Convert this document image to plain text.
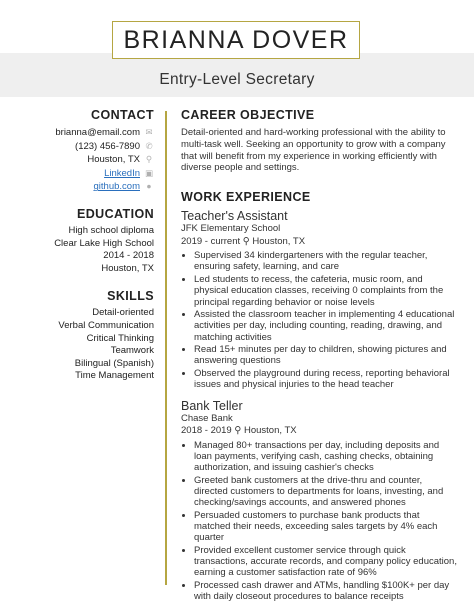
BRIANNA DOVER
Entry-Level Secretary
CONTACT
brianna@email.com ✉
(123) 456-7890 ✆
Houston, TX ⚲
LinkedIn ▣
github.com ●
EDUCATION
High school diploma
Clear Lake High School
2014 - 2018
Houston, TX
SKILLS
Detail-oriented
Verbal Communication
Critical Thinking
Teamwork
Bilingual (Spanish)
Time Management
CAREER OBJECTIVE

Detail-oriented and hard-working professional with the ability to multi-task well. Seeking an opportunity to grow with a company that will benefit from my experience in working efficiently with diverse people and settings.

WORK EXPERIENCE
Teacher's Assistant
JFK Elementary School
2019 - current ⚲ Houston, TX
• Supervised 34 kindergarteners with the regular teacher, ensuring safety, learning, and care
• Led students to recess, the cafeteria, music room, and physical education classes, receiving 0 complaints from the principal regarding behavior or noise levels
• Assisted the classroom teacher in implementing 4 educational activities per day, including counting, reading, drawing, and matching activities
• Read 15+ minutes per day to children, showing pictures and answering questions
• Observed the playground during recess, reporting behavioral issues and physical injuries to the head teacher
Bank Teller
Chase Bank
2018 - 2019 ⚲ Houston, TX
• Managed 80+ transactions per day, including deposits and loan payments, verifying cash, cashing checks, obtaining authorization, and issuing cashier's checks
• Greeted bank customers at the drive-thru and counter, directed customers to departments for loans, investing, and checking/savings accounts, and answered phones
• Persuaded customers to purchase bank products that matched their needs, exceeding sales targets by 4% each quarter
• Provided excellent customer service through quick transactions, accurate records, and company policy education, earning a customer satisfaction rate of 96%
• Processed cash drawer and ATMs, handling $100K+ per day with daily closeout procedures to balance receipts
